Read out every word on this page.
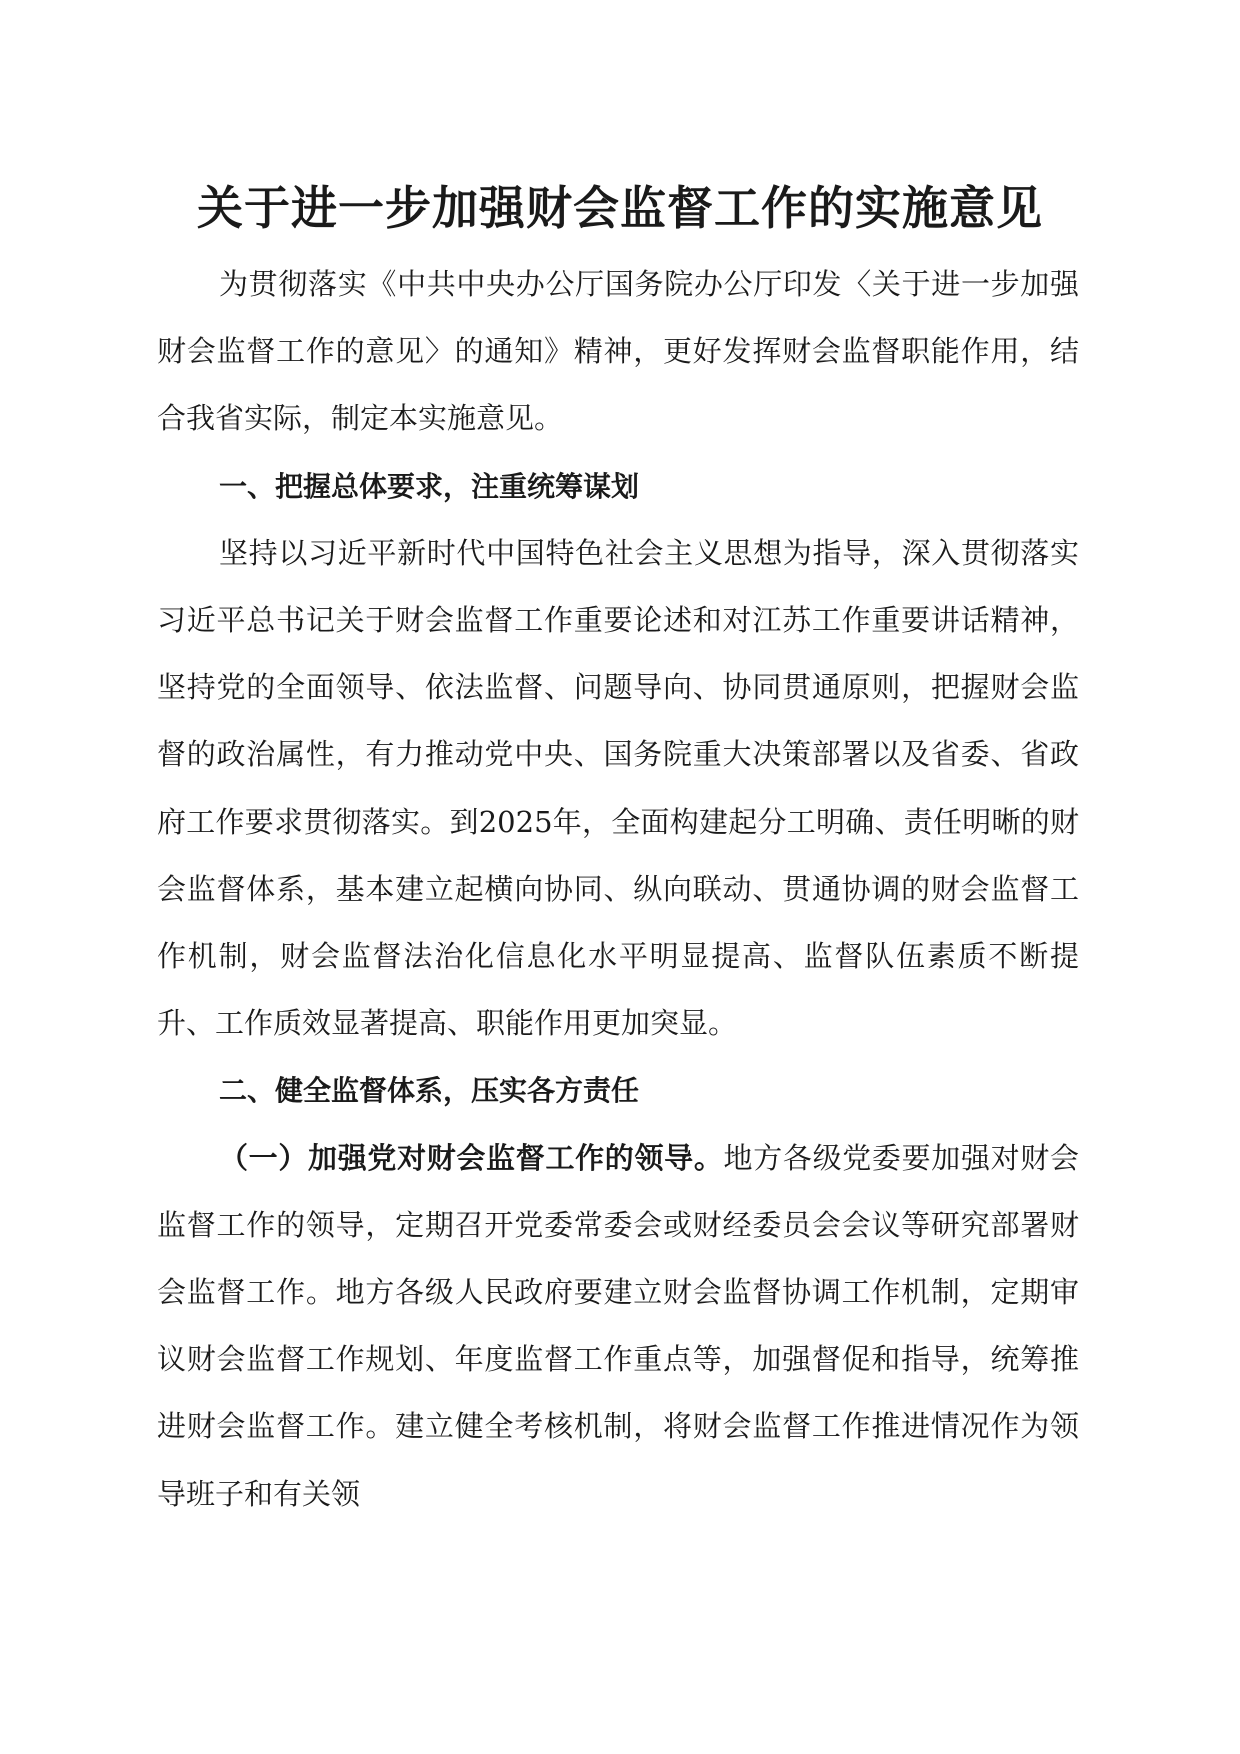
关于进一步加强财会监督工作的实施意见

为贯彻落实《中共中央办公厅国务院办公厅印发〈关于进一步加强财会监督工作的意见〉的通知》精神，更好发挥财会监督职能作用，结合我省实际，制定本实施意见。

一、把握总体要求，注重统筹谋划

坚持以习近平新时代中国特色社会主义思想为指导，深入贯彻落实习近平总书记关于财会监督工作重要论述和对江苏工作重要讲话精神，坚持党的全面领导、依法监督、问题导向、协同贯通原则，把握财会监督的政治属性，有力推动党中央、国务院重大决策部署以及省委、省政府工作要求贯彻落实。到2025年，全面构建起分工明确、责任明晰的财会监督体系，基本建立起横向协同、纵向联动、贯通协调的财会监督工作机制，财会监督法治化信息化水平明显提高、监督队伍素质不断提升、工作质效显著提高、职能作用更加突显。

二、健全监督体系，压实各方责任

（一）加强党对财会监督工作的领导。地方各级党委要加强对财会监督工作的领导，定期召开党委常委会或财经委员会会议等研究部署财会监督工作。地方各级人民政府要建立财会监督协调工作机制，定期审议财会监督工作规划、年度监督工作重点等，加强督促和指导，统筹推进财会监督工作。建立健全考核机制，将财会监督工作推进情况作为领导班子和有关领
